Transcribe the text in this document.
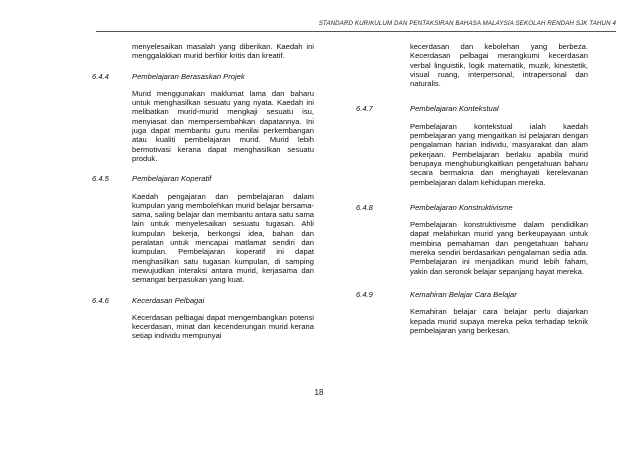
STANDARD KURIKULUM DAN PENTAKSIRAN BAHASA MALAYSIA SEKOLAH RENDAH SJK TAHUN 4

menyelesaikan masalah yang diberikan. Kaedah ini menggalakkan murid berfikir kritis dan kreatif.

6.4.4	Pembelajaran Berasaskan Projek

Murid menggunakan maklumat lama dan baharu untuk menghasilkan sesuatu yang nyata. Kaedah ini melibatkan murid-murid mengkaji sesuatu isu, menyiasat dan mempersembahkan dapatannya. Ini juga dapat membantu guru menilai perkembangan atau kualiti pembelajaran murid. Murid lebih bermotivasi kerana dapat menghasilkan sesuatu produk.

6.4.5	Pembelajaran Koperatif

Kaedah pengajaran dan pembelajaran dalam kumpulan yang membolehkan murid belajar bersama-sama, saling belajar dan membantu antara satu sama lain untuk menyelesaikan sesuatu tugasan. Ahli kumpulan bekerja, berkongsi idea, bahan dan peralatan untuk mencapai matlamat sendiri dan kumpulan. Pembelajaran koperatif ini dapat menghasilkan satu tugasan kumpulan, di samping mewujudkan interaksi antara murid, kerjasama dan semangat berpasukan yang kuat.

6.4.6	Kecerdasan Pelbagai

Kecerdasan pelbagai dapat mengembangkan potensi kecerdasan, minat dan kecenderungan murid kerana setiap individu mempunyai

kecerdasan dan kebolehan yang berbeza. Kecerdasan pelbagai merangkumi kecerdasan verbal linguistik, logik matematik, muzik, kinestetik, visual ruang, interpersonal, intrapersonal dan naturalis.

6.4.7	Pembelajaran Kontekstual

Pembelajaran kontekstual ialah kaedah pembelajaran yang mengaitkan isi pelajaran dengan pengalaman harian individu, masyarakat dan alam pekerjaan. Pembelajaran berlaku apabila murid berupaya menghubungkaitkan pengetahuan baharu secara bermakna dan menghayati kerelevanan pembelajaran dalam kehidupan mereka.

6.4.8	Pembelajaran Konstruktivisme

Pembelajaran konstruktivisme dalam pendidikan dapat melahirkan murid yang berkeupayaan untuk membina pemahaman dan pengetahuan baharu mereka sendiri berdasarkan pengalaman sedia ada. Pembelajaran ini menjadikan murid lebih faham, yakin dan seronok belajar sepanjang hayat mereka.

6.4.9	Kemahiran Belajar Cara Belajar

Kemahiran belajar cara belajar perlu diajarkan kepada murid supaya mereka peka terhadap teknik pembelajaran yang berkesan.

18
